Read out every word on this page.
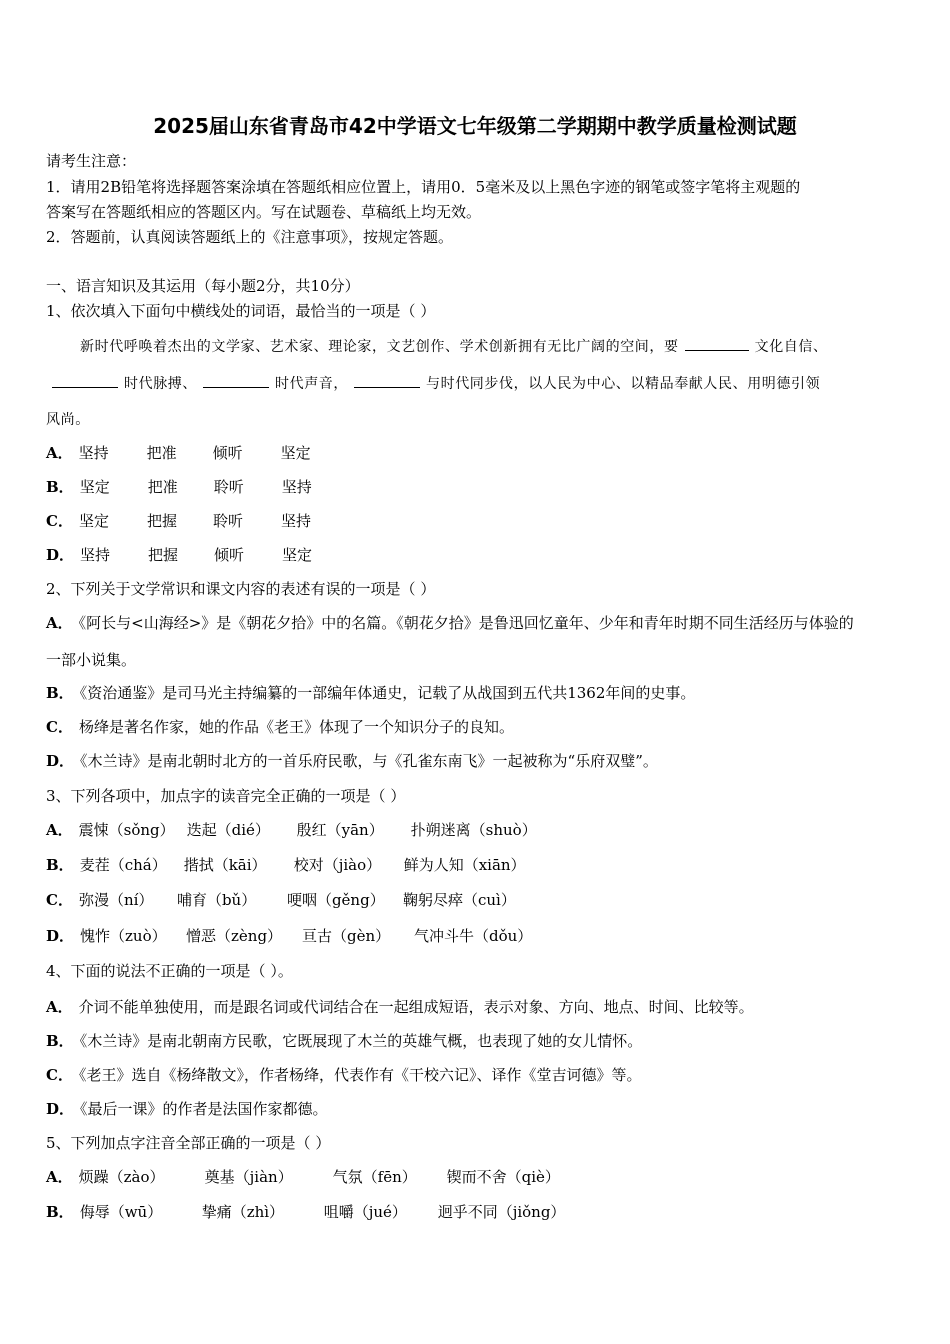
2025届山东省青岛市42中学语文七年级第二学期期中教学质量检测试题
请考生注意：
1．请用2B铅笔将选择题答案涂填在答题纸相应位置上，请用0．5毫米及以上黑色字迹的钢笔或签字笔将主观题的
答案写在答题纸相应的答题区内。写在试题卷、草稿纸上均无效。
2．答题前，认真阅读答题纸上的《注意事项》，按规定答题。
一、语言知识及其运用（每小题2分，共10分）
1、依次填入下面句中横线处的词语，最恰当的一项是（ ）
新时代呼唤着杰出的文学家、艺术家、理论家，文艺创作、学术创新拥有无比广阔的空间，要	文化自信、
时代脉搏、	时代声音，	与时代同步伐，以人民为中心、以精品奉献人民、用明德引领
风尚。
A． 坚持	把准 倾听	坚定
B． 坚定	把准 聆听	坚持
C． 坚定	把握 聆听	坚持
D． 坚持	把握 倾听	坚定
2、下列关于文学常识和课文内容的表述有误的一项是（ ）
A． 《阿长与<山海经>》是《朝花夕拾》中的名篇。《朝花夕拾》是鲁迅回忆童年、少年和青年时期不同生活经历与体验的
一部小说集。
B． 《资治通鉴》是司马光主持编纂的一部编年体通史，记载了从战国到五代共1362年间的史事。
C． 杨绛是著名作家，她的作品《老王》体现了一个知识分子的良知。
D． 《木兰诗》是南北朝时北方的一首乐府民歌，与《孔雀东南飞》一起被称为“乐府双璧”。
3、下列各项中，加点字的读音完全正确的一项是（ ）
A． 震悚（sǒng） 迭起（dié） 殷红（yān） 扑朔迷离（shuò）
B． 麦茬（chá） 揩拭（kāi） 校对（jiào） 鲜为人知（xiān）
C． 弥漫（ní） 哺育（bǔ） 哽咽（gěng） 鞠躬尽瘁（cuì）
D． 愧怍（zuò） 憎恶（zèng） 亘古（gèn） 气冲斗牛（dǒu）
4、下面的说法不正确的一项是（ ）。
A． 介词不能单独使用，而是跟名词或代词结合在一起组成短语，表示对象、方向、地点、时间、比较等。
B． 《木兰诗》是南北朝南方民歌，它既展现了木兰的英雄气概，也表现了她的女儿情怀。
C． 《老王》选自《杨绛散文》，作者杨绛，代表作有《干校六记》、译作《堂吉诃德》等。
D． 《最后一课》的作者是法国作家都德。
5、下列加点字注音全部正确的一项是（ ）
A． 烦躁（zào）	奠基（jiàn）	气氛（fēn） 锲而不舍（qiè）
B． 侮辱（wū）	挚痛（zhì）	咀嚼（jué） 迥乎不同（jiǒng）
